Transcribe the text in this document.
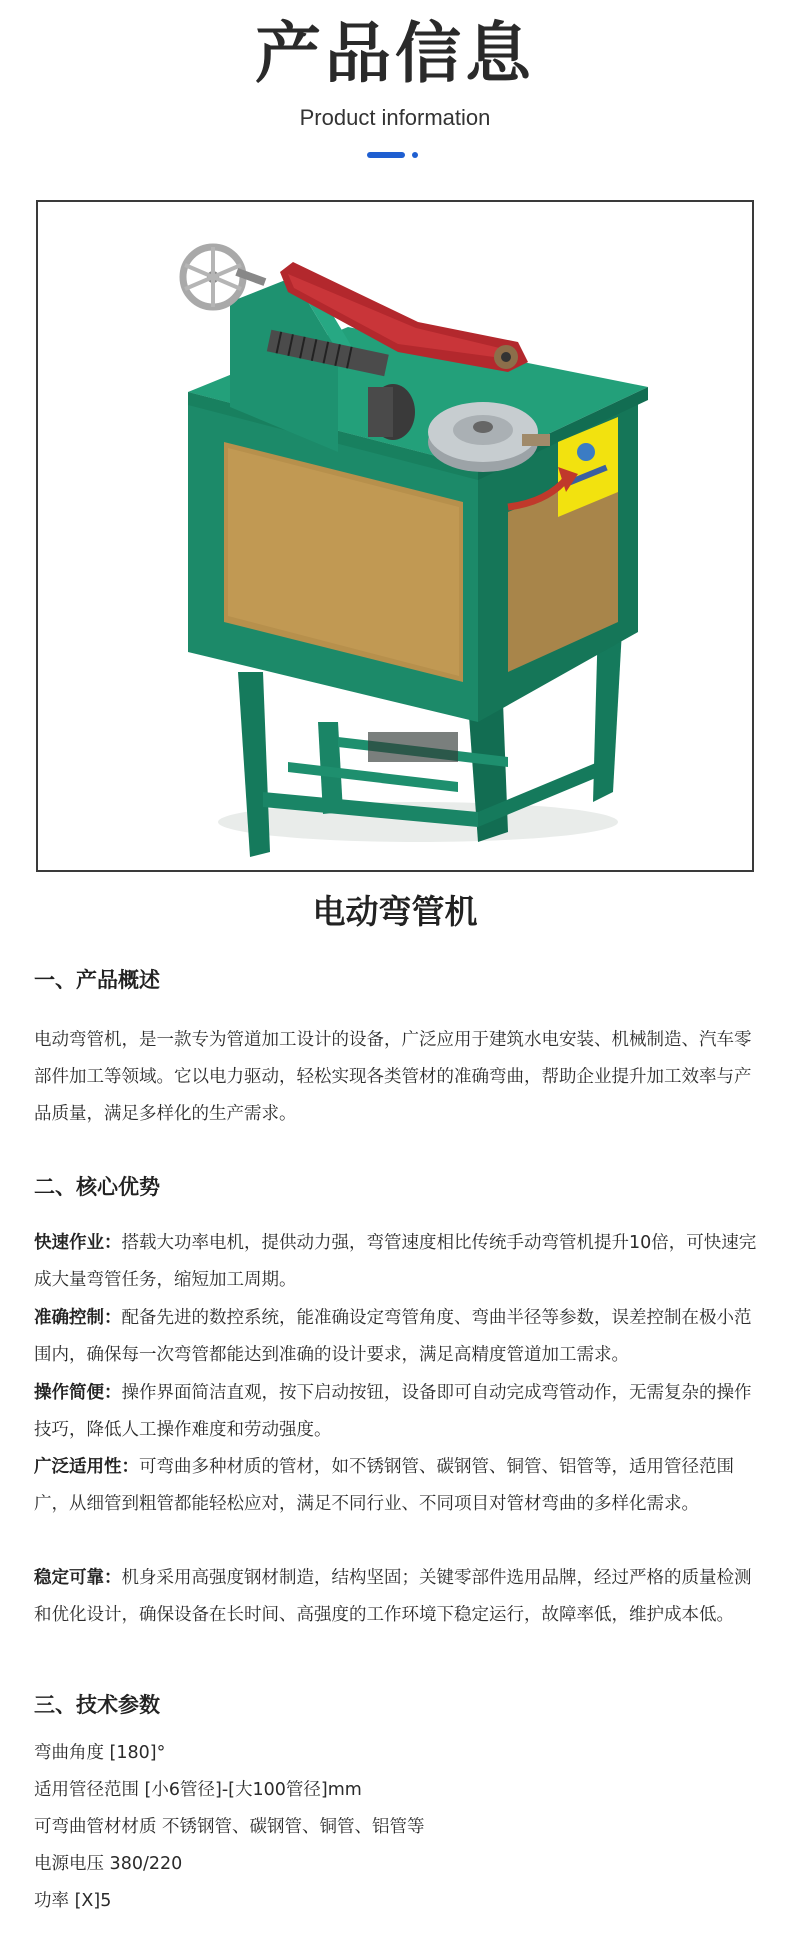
产品信息
Product information
电动弯管机
一、产品概述
电动弯管机，是一款专为管道加工设计的设备，广泛应用于建筑水电安装、机械制造、汽车零部件加工等领域。它以电力驱动，轻松实现各类管材的准确弯曲，帮助企业提升加工效率与产品质量，满足多样化的生产需求。
二、核心优势
快速作业：搭载大功率电机，提供动力强，弯管速度相比传统手动弯管机提升10倍，可快速完成大量弯管任务，缩短加工周期。
准确控制：配备先进的数控系统，能准确设定弯管角度、弯曲半径等参数，误差控制在极小范围内，确保每一次弯管都能达到准确的设计要求，满足高精度管道加工需求。
操作简便：操作界面简洁直观，按下启动按钮，设备即可自动完成弯管动作，无需复杂的操作技巧，降低人工操作难度和劳动强度。
广泛适用性：可弯曲多种材质的管材，如不锈钢管、碳钢管、铜管、铝管等，适用管径范围广，从细管到粗管都能轻松应对，满足不同行业、不同项目对管材弯曲的多样化需求。
稳定可靠：机身采用高强度钢材制造，结构坚固；关键零部件选用品牌，经过严格的质量检测和优化设计，确保设备在长时间、高强度的工作环境下稳定运行，故障率低，维护成本低。
三、技术参数
弯曲角度 [180]°
适用管径范围 [小6管径]-[大100管径]mm
可弯曲管材材质 不锈钢管、碳钢管、铜管、铝管等
电源电压 380/220
功率 [X]5
